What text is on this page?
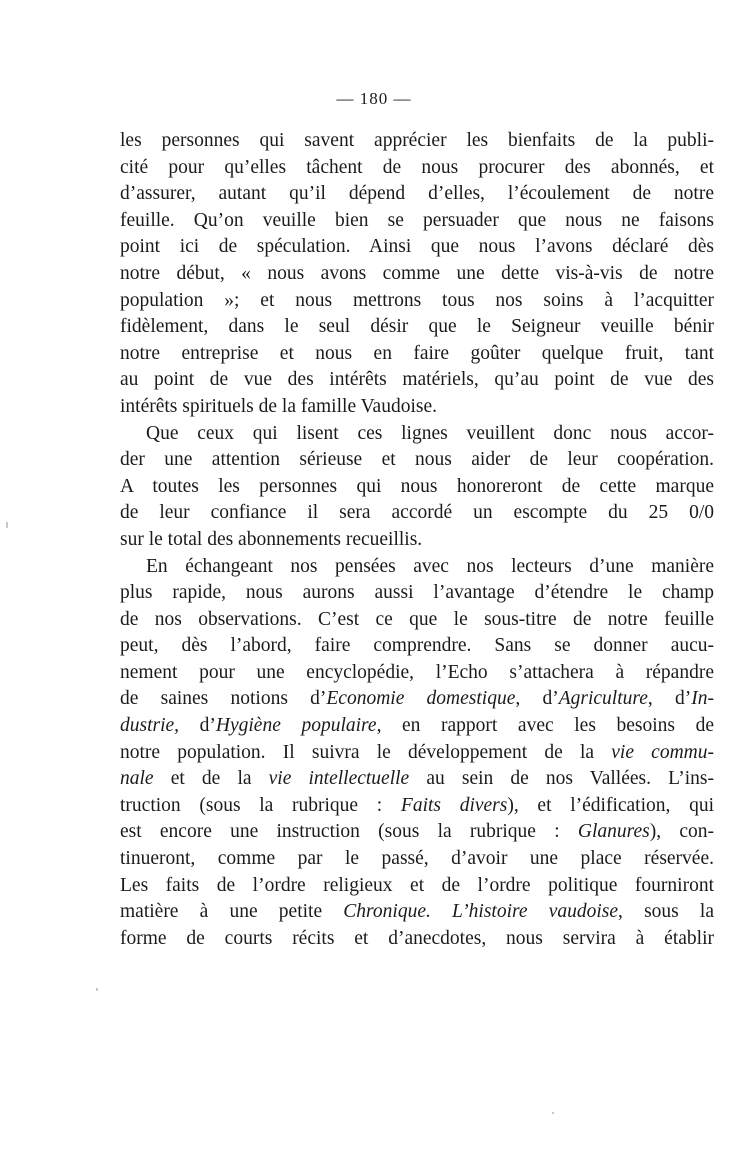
— 180 —
les personnes qui savent apprécier les bienfaits de la publi-
cité pour qu’elles tâchent de nous procurer des abonnés, et
d’assurer, autant qu’il dépend d’elles, l’écoulement de notre
feuille. Qu’on veuille bien se persuader que nous ne faisons
point ici de spéculation. Ainsi que nous l’avons déclaré dès
notre début, « nous avons comme une dette vis-à-vis de notre
population »; et nous mettrons tous nos soins à l’acquitter
fidèlement, dans le seul désir que le Seigneur veuille bénir
notre entreprise et nous en faire goûter quelque fruit, tant
au point de vue des intérêts matériels, qu’au point de vue des
intérêts spirituels de la famille Vaudoise.
Que ceux qui lisent ces lignes veuillent donc nous accor-
der une attention sérieuse et nous aider de leur coopération.
A toutes les personnes qui nous honoreront de cette marque
de leur confiance il sera accordé un escompte du 25 0/0
sur le total des abonnements recueillis.
En échangeant nos pensées avec nos lecteurs d’une manière
plus rapide, nous aurons aussi l’avantage d’étendre le champ
de nos observations. C’est ce que le sous-titre de notre feuille
peut, dès l’abord, faire comprendre. Sans se donner aucu-
nement pour une encyclopédie, l’Echo s’attachera à répandre
de saines notions d’Economie domestique, d’Agriculture, d’In-
dustrie, d’Hygiène populaire, en rapport avec les besoins de
notre population. Il suivra le développement de la vie commu-
nale et de la vie intellectuelle au sein de nos Vallées. L’ins-
truction (sous la rubrique : Faits divers), et l’édification, qui
est encore une instruction (sous la rubrique : Glanures), con-
tinueront, comme par le passé, d’avoir une place réservée.
Les faits de l’ordre religieux et de l’ordre politique fourniront
matière à une petite Chronique. L’histoire vaudoise, sous la
forme de courts récits et d’anecdotes, nous servira à établir
